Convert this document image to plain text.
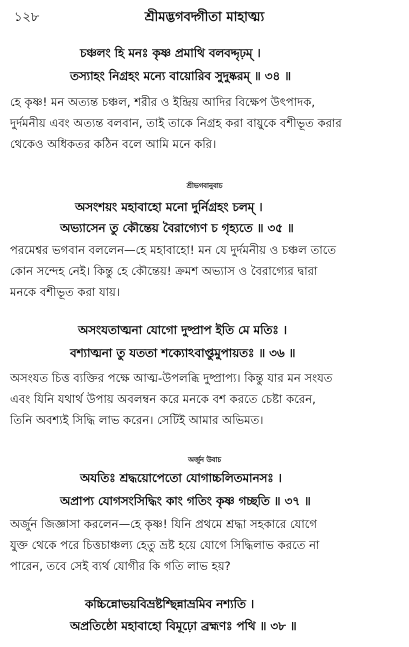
১২৮	শ্রীমদ্ভগবদ্গীতা মাহাত্ম্য
চঞ্চলং হি মনঃ কৃষ্ণ প্রমাথি বলবদ্দৃঢ়ম্ ।
তস্যাহং নিগ্রহং মন্যে বায়োরিব সুদুষ্করম্ ॥ ৩৪ ॥
হে কৃষ্ণ! মন অত্যন্ত চঞ্চল, শরীর ও ইন্দ্রিয় আদির বিক্ষেপ উৎপাদক,
দুর্দমনীয় এবং অত্যন্ত বলবান, তাই তাকে নিগ্রহ করা বায়ুকে বশীভূত করার
থেকেও অধিকতর কঠিন বলে আমি মনে করি।
শ্রীভগবানুবাচ
অসংশয়ং মহাবাহো মনো দুর্নিগ্রহং চলম্ ।
অভ্যাসেন তু কৌন্তেয় বৈরাগ্যেণ চ গৃহ্যতে ॥ ৩৫ ॥
পরমেশ্বর ভগবান বললেন—হে মহাবাহো! মন যে দুর্দমনীয় ও চঞ্চল তাতে
কোন সন্দেহ নেই। কিন্তু হে কৌন্তেয়! ক্রমশ অভ্যাস ও বৈরাগ্যের দ্বারা
মনকে বশীভূত করা যায়।
অসংযতাত্মনা যোগো দুষ্প্রাপ ইতি মে মতিঃ ।
বশ্যাত্মনা তু যততা শক্যোঽবাপ্তুমুপায়তঃ ॥ ৩৬ ॥
অসংযত চিত্ত ব্যক্তির পক্ষে আত্ম-উপলব্ধি দুষ্প্রাপ্য। কিন্তু যার মন সংযত
এবং যিনি যথার্থ উপায় অবলম্বন করে মনকে বশ করতে চেষ্টা করেন,
তিনি অবশ্যই সিদ্ধি লাভ করেন। সেটিই আমার অভিমত।
অর্জুন উবাচ
অযতিঃ শ্রদ্ধয়োপেতো যোগাচ্চলিতমানসঃ ।
অপ্রাপ্য যোগসংসিদ্ধিং কাং গতিং কৃষ্ণ গচ্ছতি ॥ ৩৭ ॥
অর্জুন জিজ্ঞাসা করলেন—হে কৃষ্ণ! যিনি প্রথমে শ্রদ্ধা সহকারে যোগে
যুক্ত থেকে পরে চিত্তচাঞ্চল্য হেতু ভ্রষ্ট হয়ে যোগে সিদ্ধিলাভ করতে না
পারেন, তবে সেই ব্যর্থ যোগীর কি গতি লাভ হয়?
কচ্চিন্নোভয়বিভ্রষ্টশ্ছিন্নাভ্রমিব নশ্যতি ।
অপ্রতিষ্ঠো মহাবাহো বিমূঢ়ো ব্রহ্মণঃ পথি ॥ ৩৮ ॥
